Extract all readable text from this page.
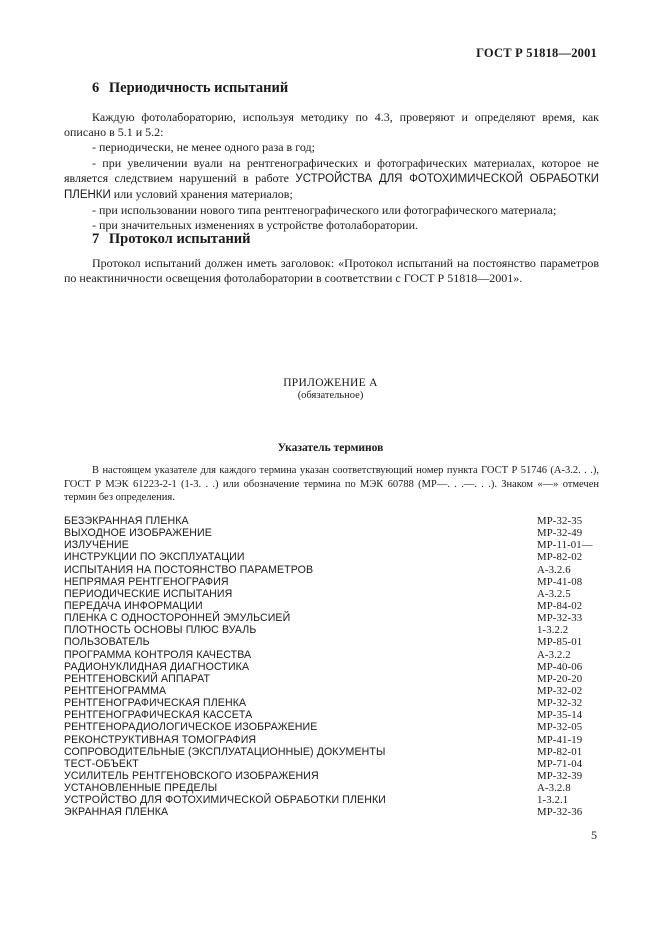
ГОСТ Р 51818—2001
6 Периодичность испытаний

Каждую фотолабораторию, используя методику по 4.3, проверяют и определяют время, как описано в 5.1 и 5.2:

- периодически, не менее одного раза в год;

- при увеличении вуали на рентгенографических и фотографических материалах, которое не является следствием нарушений в работе УСТРОЙСТВА ДЛЯ ФОТОХИМИЧЕСКОЙ ОБРАБОТКИ ПЛЕНКИ или условий хранения материалов;

- при использовании нового типа рентгенографического или фотографического материала;

- при значительных изменениях в устройстве фотолаборатории.

7 Протокол испытаний

Протокол испытаний должен иметь заголовок: «Протокол испытаний на постоянство параметров по неактиничности освещения фотолаборатории в соответствии с ГОСТ Р 51818—2001».

ПРИЛОЖЕНИЕ А
(обязательное)
Указатель терминов

В настоящем указателе для каждого термина указан соответствующий номер пункта ГОСТ Р 51746 (А-3.2. . .), ГОСТ Р МЭК 61223-2-1 (1-3. . .) или обозначение термина по МЭК 60788 (МР—. . .—. . .). Знаком «—» отмечен термин без определения.

БЕЗЭКРАННАЯ ПЛЕНКА	МР-32-35
ВЫХОДНОЕ ИЗОБРАЖЕНИЕ	МР-32-49
ИЗЛУЧЕНИЕ	МР-11-01—
ИНСТРУКЦИИ ПО ЭКСПЛУАТАЦИИ	МР-82-02
ИСПЫТАНИЯ НА ПОСТОЯНСТВО ПАРАМЕТРОВ	А-3.2.6
НЕПРЯМАЯ РЕНТГЕНОГРАФИЯ	МР-41-08
ПЕРИОДИЧЕСКИЕ ИСПЫТАНИЯ	А-3.2.5
ПЕРЕДАЧА ИНФОРМАЦИИ	МР-84-02
ПЛЕНКА С ОДНОСТОРОННЕЙ ЭМУЛЬСИЕЙ	МР-32-33
ПЛОТНОСТЬ ОСНОВЫ ПЛЮС ВУАЛЬ	1-3.2.2
ПОЛЬЗОВАТЕЛЬ	МР-85-01
ПРОГРАММА КОНТРОЛЯ КАЧЕСТВА	А-3.2.2
РАДИОНУКЛИДНАЯ ДИАГНОСТИКА	МР-40-06
РЕНТГЕНОВСКИЙ АППАРАТ	МР-20-20
РЕНТГЕНОГРАММА	МР-32-02
РЕНТГЕНОГРАФИЧЕСКАЯ ПЛЕНКА	МР-32-32
РЕНТГЕНОГРАФИЧЕСКАЯ КАССЕТА	МР-35-14
РЕНТГЕНОРАДИОЛОГИЧЕСКОЕ ИЗОБРАЖЕНИЕ	МР-32-05
РЕКОНСТРУКТИВНАЯ ТОМОГРАФИЯ	МР-41-19
СОПРОВОДИТЕЛЬНЫЕ (ЭКСПЛУАТАЦИОННЫЕ) ДОКУМЕНТЫ	МР-82-01
ТЕСТ-ОБЪЕКТ	МР-71-04
УСИЛИТЕЛЬ РЕНТГЕНОВСКОГО ИЗОБРАЖЕНИЯ	МР-32-39
УСТАНОВЛЕННЫЕ ПРЕДЕЛЫ	А-3.2.8
УСТРОЙСТВО ДЛЯ ФОТОХИМИЧЕСКОЙ ОБРАБОТКИ ПЛЕНКИ	1-3.2.1
ЭКРАННАЯ ПЛЕНКА	МР-32-36
5
